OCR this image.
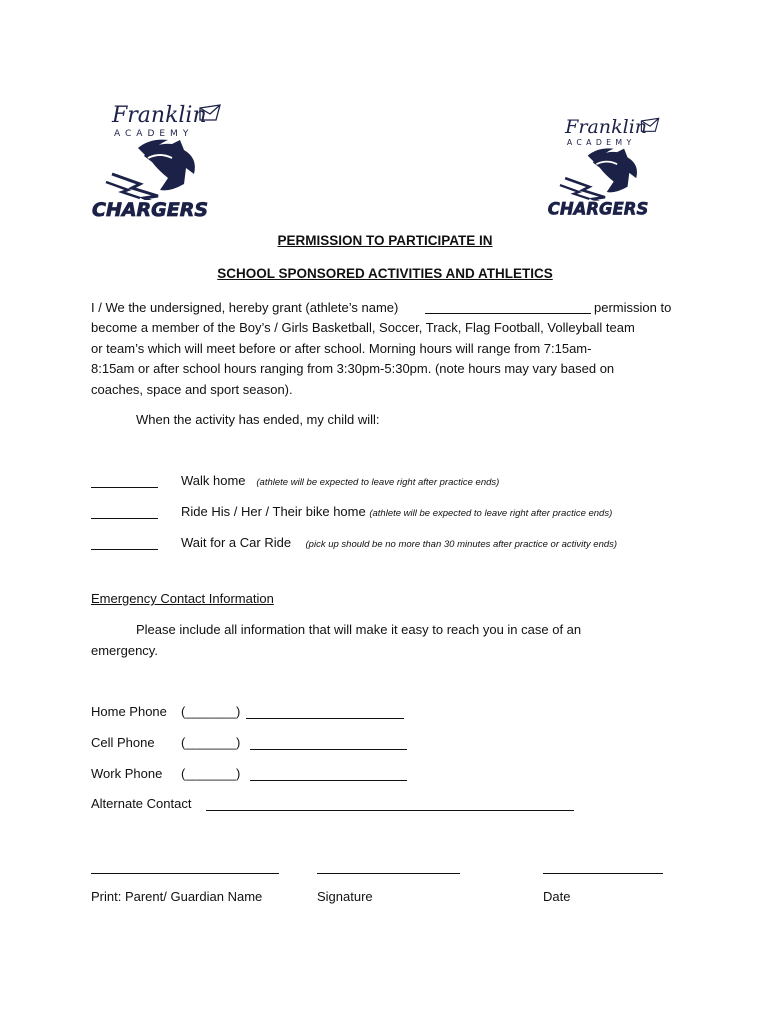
Franklin
ACADEMY
CHARGERS
Franklin
ACADEMY
CHARGERS
PERMISSION TO PARTICIPATE IN
SCHOOL SPONSORED ACTIVITIES AND ATHLETICS
I / We the undersigned, hereby grant (athlete’s name)	permission to
become a member of the Boy’s / Girls Basketball, Soccer, Track, Flag Football, Volleyball team
or team’s which will meet before or after school. Morning hours will range from 7:15am-
8:15am or after school hours ranging from 3:30pm-5:30pm. (note hours may vary based on
coaches, space and sport season).
When the activity has ended, my child will:
Walk home (athlete will be expected to leave right after practice ends)
Ride His / Her / Their bike home (athlete will be expected to leave right after practice ends)
Wait for a Car Ride (pick up should be no more than 30 minutes after practice or activity ends)
Emergency Contact Information
Please include all information that will make it easy to reach you in case of an
emergency.
Home Phone (_______)
Cell Phone (_______)
Work Phone (_______)
Alternate Contact
Print: Parent/ Guardian Name	Signature	Date
